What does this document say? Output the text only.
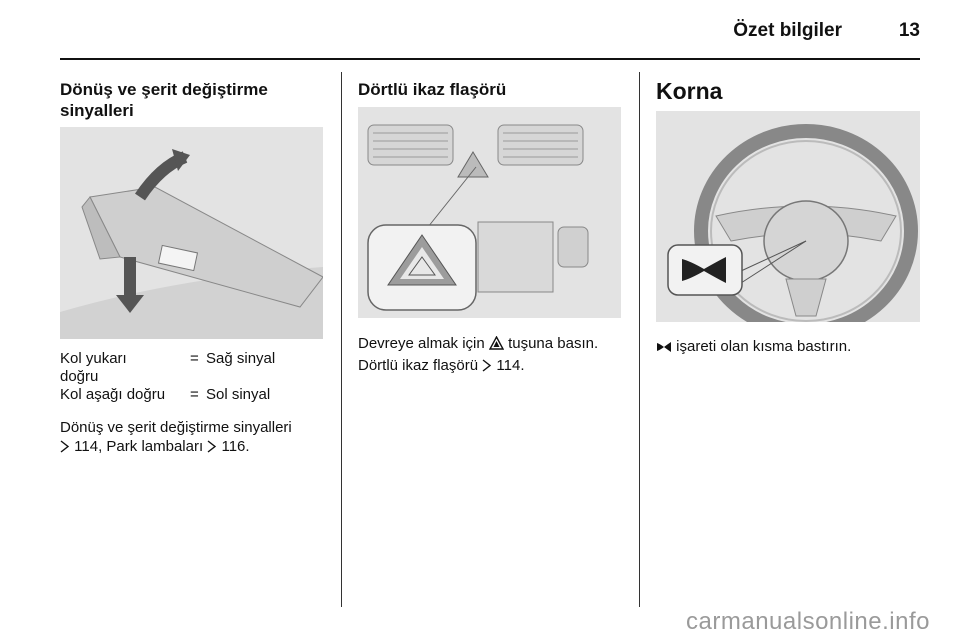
Özet bilgiler	13
Dönüş ve şerit değiştirme
sinyalleri
Kol yukarı
doğru	=	Sağ sinyal
Kol aşağı doğru	=	Sol sinyal
Dönüş ve şerit değiştirme sinyalleri
114, Park lambaları 116.
Dörtlü ikaz flaşörü
Devreye almak için tuşuna basın.
Dörtlü ikaz flaşörü 114.
Korna
işareti olan kısma bastırın.
carmanualsonline.info
